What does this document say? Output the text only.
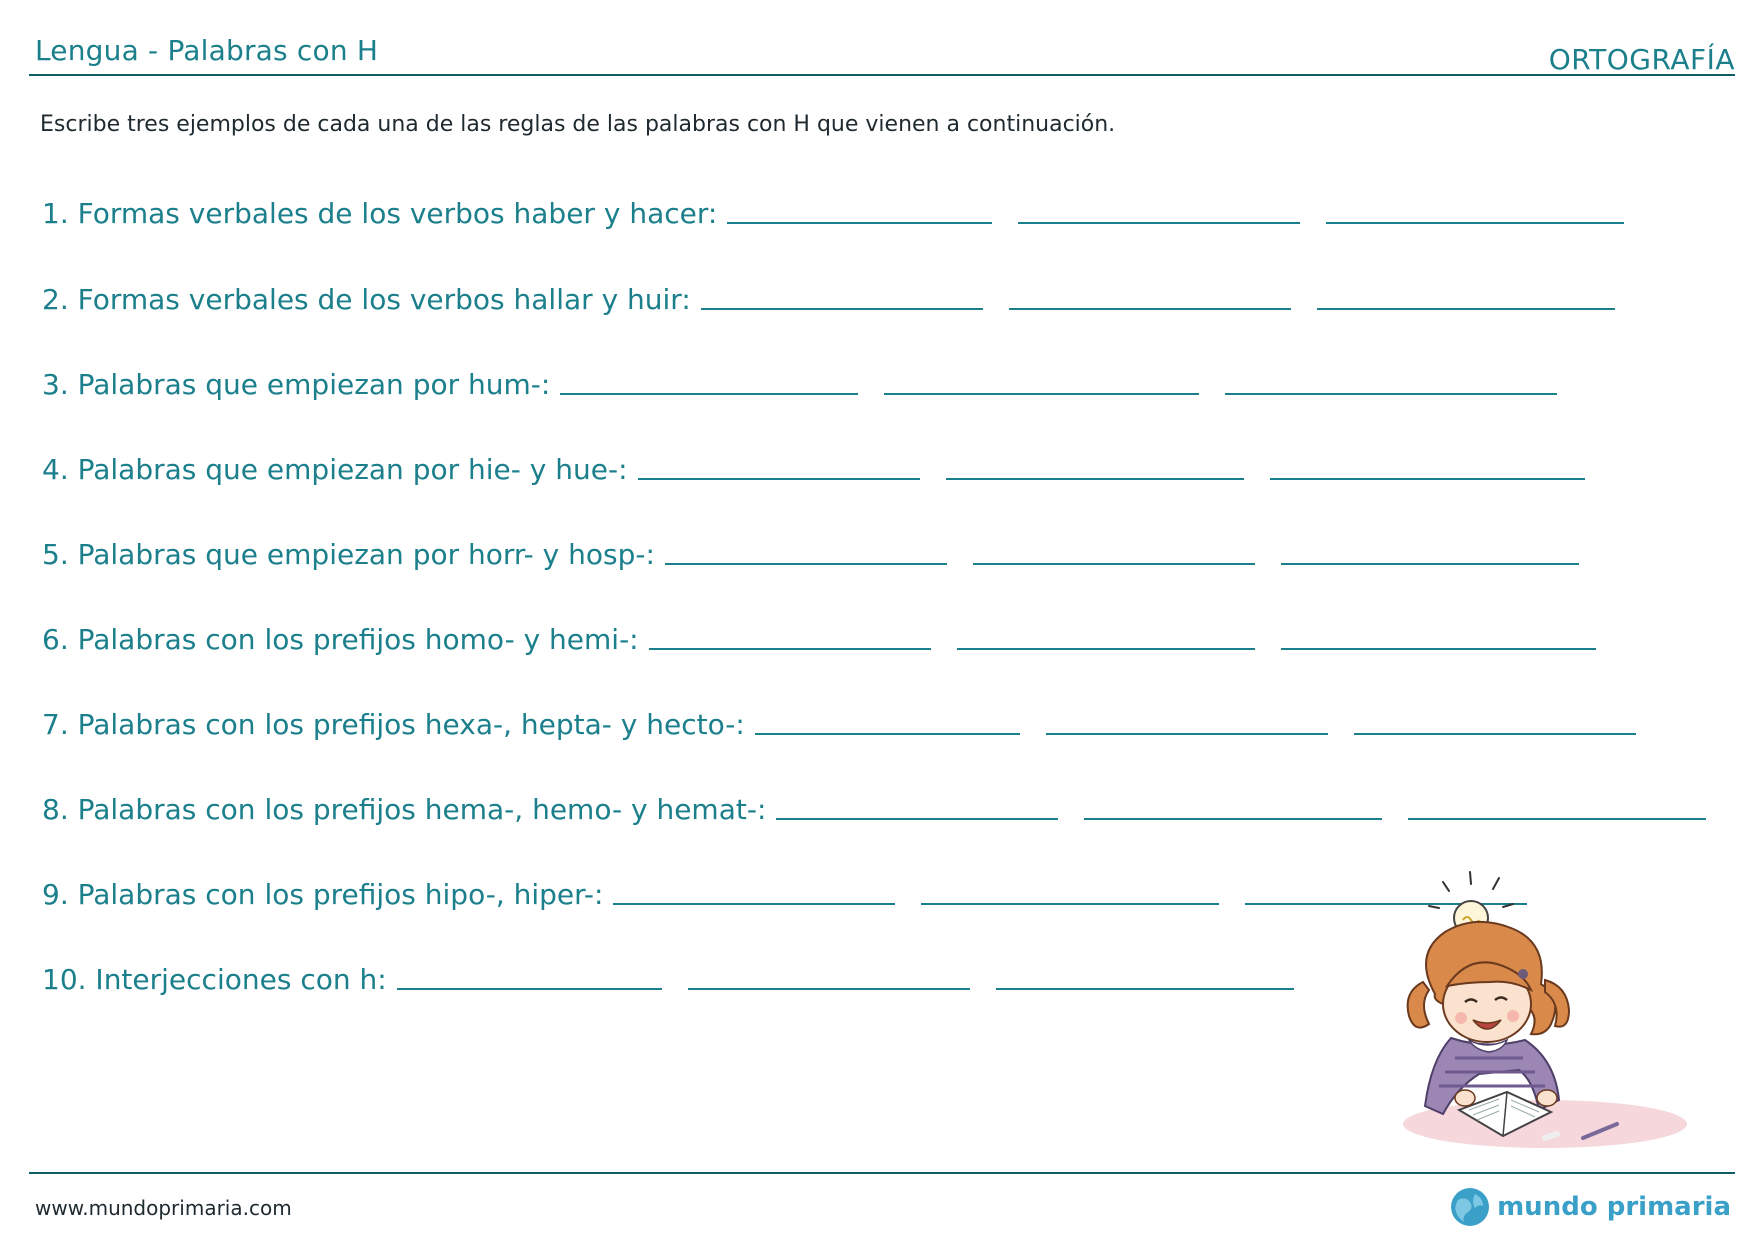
Lengua - Palabras con H	ORTOGRAFÍA
Escribe tres ejemplos de cada una de las reglas de las palabras con H que vienen a continuación.
1. Formas verbales de los verbos haber y hacer:
2. Formas verbales de los verbos hallar y huir:
3. Palabras que empiezan por hum-:
4. Palabras que empiezan por hie- y hue-:
5. Palabras que empiezan por horr- y hosp-:
6. Palabras con los prefijos homo- y hemi-:
7. Palabras con los prefijos hexa-, hepta- y hecto-:
8. Palabras con los prefijos hema-, hemo- y hemat-:
9. Palabras con los prefijos hipo-, hiper-:
10. Interjecciones con h:
www.mundoprimaria.com	mundo primaria
